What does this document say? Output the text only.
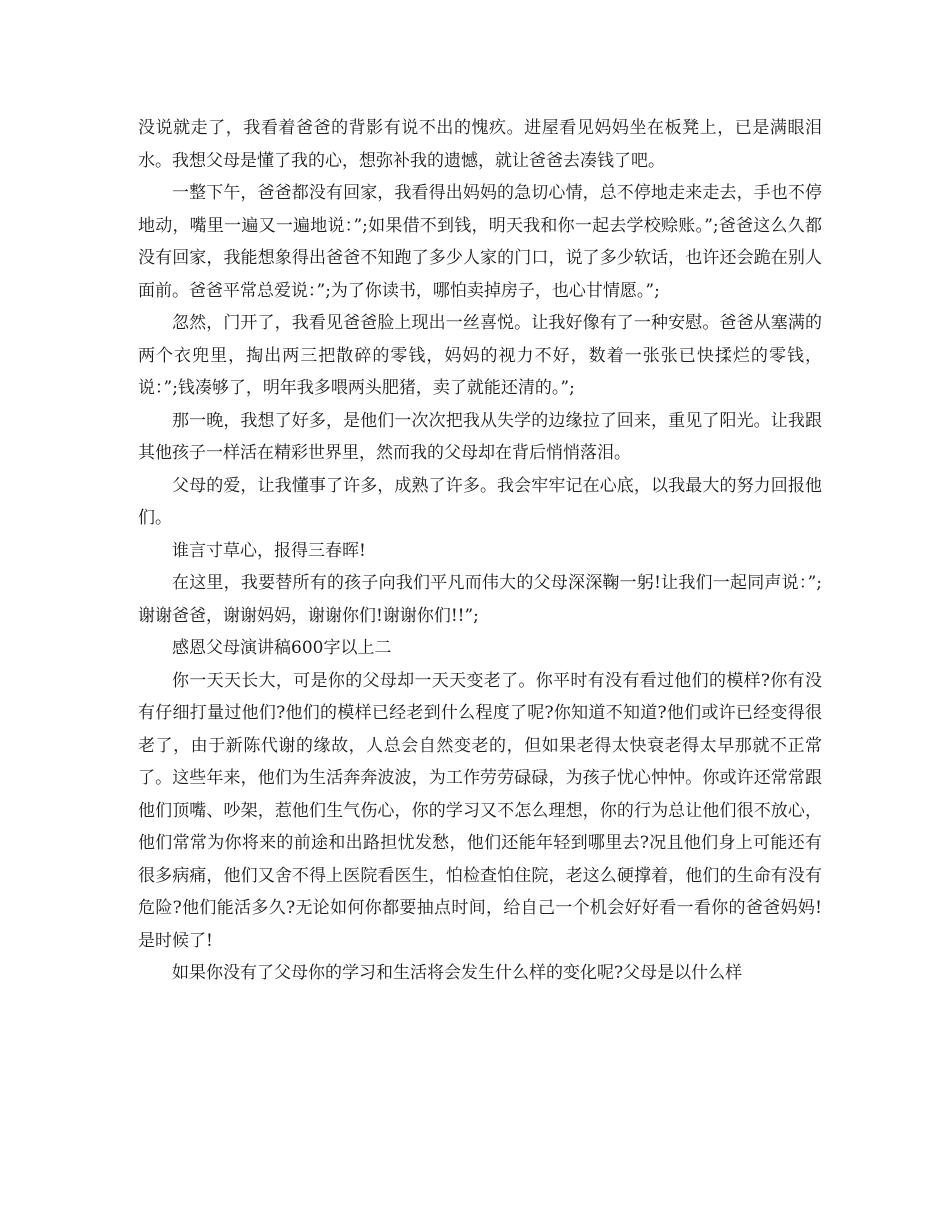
没说就走了，我看着爸爸的背影有说不出的愧疚。进屋看见妈妈坐在板凳上，已是满眼泪水。我想父母是懂了我的心，想弥补我的遗憾，就让爸爸去凑钱了吧。

一整下午，爸爸都没有回家，我看得出妈妈的急切心情，总不停地走来走去，手也不停地动，嘴里一遍又一遍地说：”;如果借不到钱，明天我和你一起去学校赊账。”;爸爸这么久都没有回家，我能想象得出爸爸不知跑了多少人家的门口，说了多少软话，也许还会跪在别人面前。爸爸平常总爱说：”;为了你读书，哪怕卖掉房子，也心甘情愿。”;

忽然，门开了，我看见爸爸脸上现出一丝喜悦。让我好像有了一种安慰。爸爸从塞满的两个衣兜里，掏出两三把散碎的零钱，妈妈的视力不好，数着一张张已快揉烂的零钱，说：”;钱凑够了，明年我多喂两头肥猪，卖了就能还清的。”;

那一晚，我想了好多，是他们一次次把我从失学的边缘拉了回来，重见了阳光。让我跟其他孩子一样活在精彩世界里，然而我的父母却在背后悄悄落泪。

父母的爱，让我懂事了许多，成熟了许多。我会牢牢记在心底，以我最大的努力回报他们。

谁言寸草心，报得三春晖!

在这里，我要替所有的孩子向我们平凡而伟大的父母深深鞠一躬!让我们一起同声说：”;谢谢爸爸，谢谢妈妈，谢谢你们!谢谢你们!!”;

感恩父母演讲稿600字以上二

你一天天长大，可是你的父母却一天天变老了。你平时有没有看过他们的模样?你有没有仔细打量过他们?他们的模样已经老到什么程度了呢?你知道不知道?他们或许已经变得很老了，由于新陈代谢的缘故，人总会自然变老的，但如果老得太快衰老得太早那就不正常了。这些年来，他们为生活奔奔波波，为工作劳劳碌碌，为孩子忧心忡忡。你或许还常常跟他们顶嘴、吵架，惹他们生气伤心，你的学习又不怎么理想，你的行为总让他们很不放心，他们常常为你将来的前途和出路担忧发愁，他们还能年轻到哪里去?况且他们身上可能还有很多病痛，他们又舍不得上医院看医生，怕检查怕住院，老这么硬撑着，他们的生命有没有危险?他们能活多久?无论如何你都要抽点时间，给自己一个机会好好看一看你的爸爸妈妈!是时候了!

如果你没有了父母你的学习和生活将会发生什么样的变化呢?父母是以什么样
